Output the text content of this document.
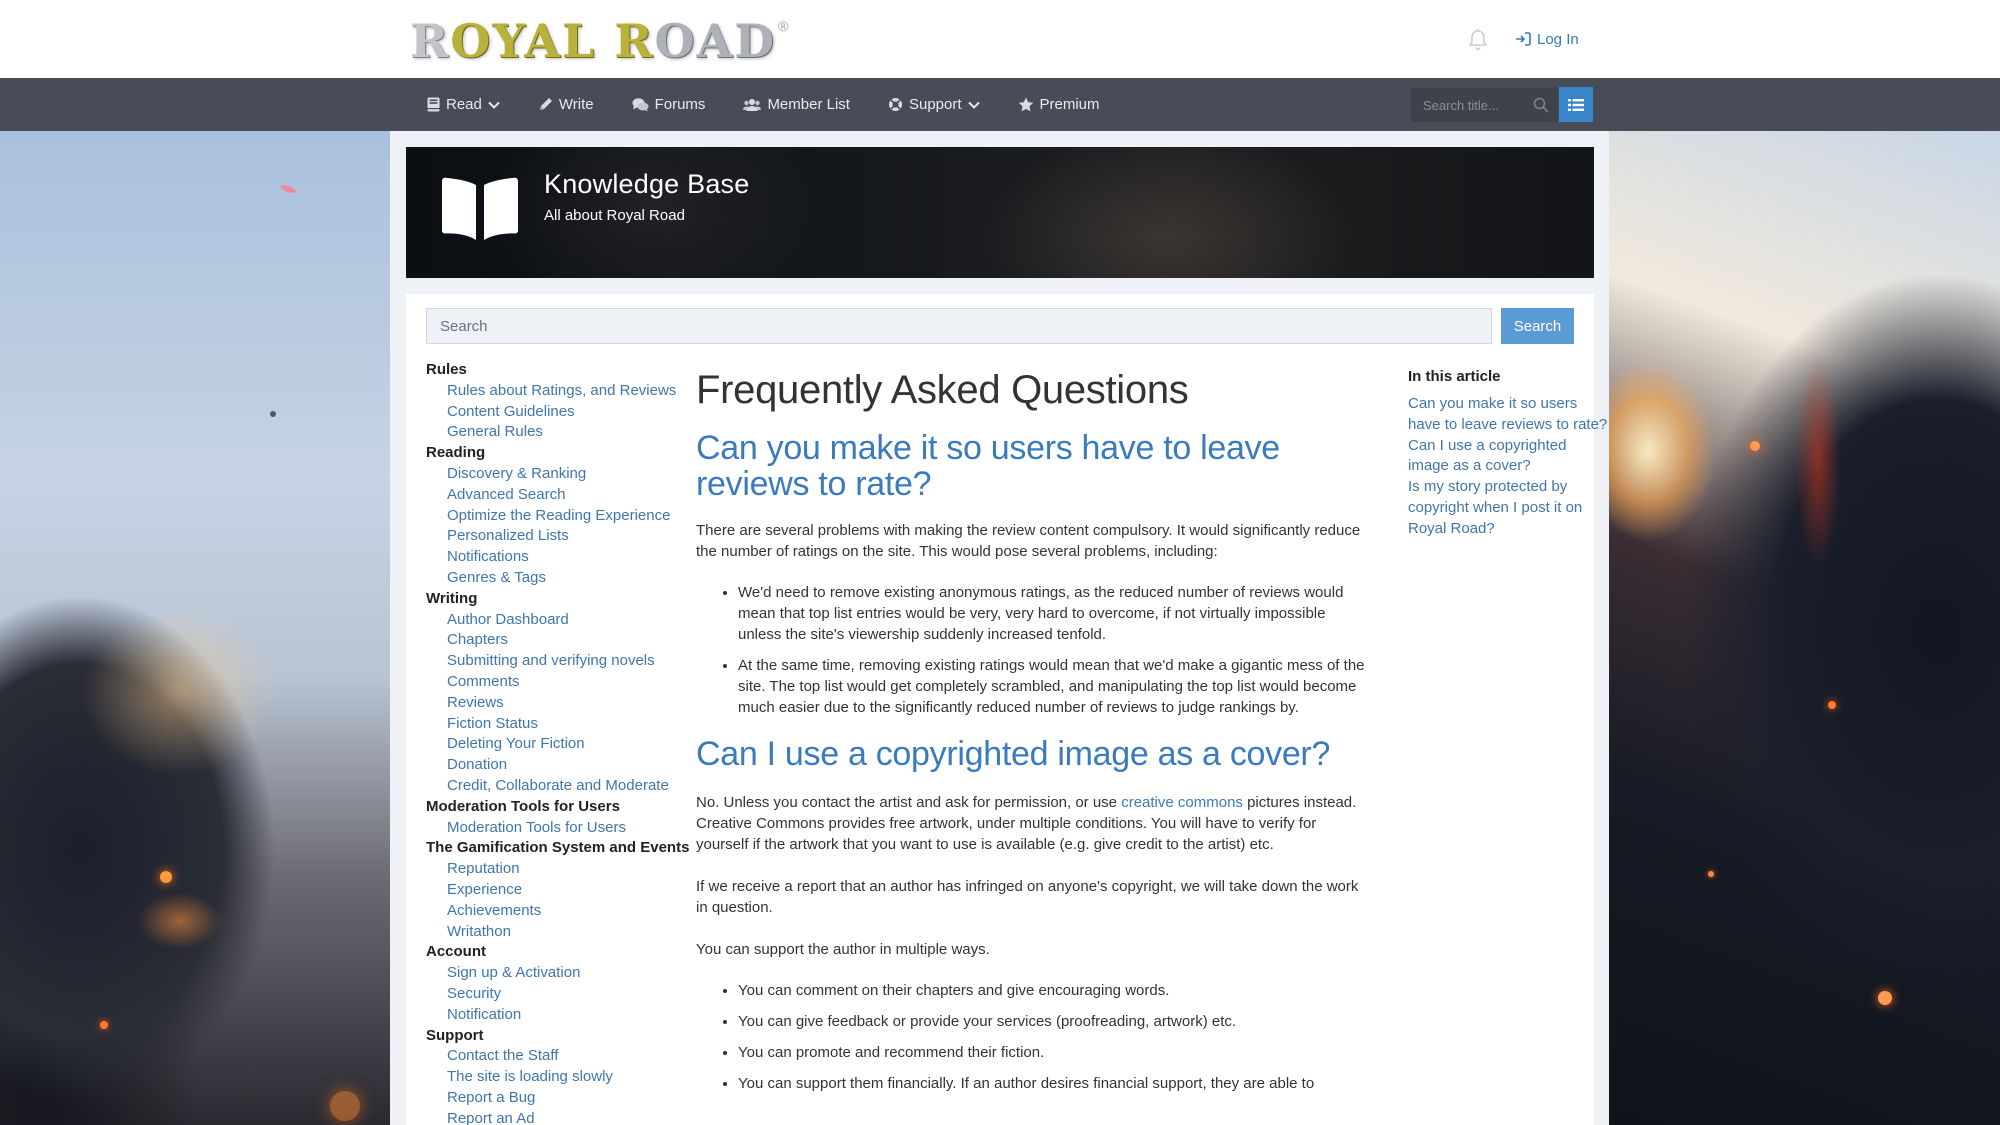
ROYAL ROAD ®
Log In
Read	Write	Forums	Member List	Support	Premium
Search title...
Knowledge Base
All about Royal Road
Search
Search
Rules
Rules about Ratings, and Reviews
Content Guidelines
General Rules
Reading
Discovery & Ranking
Advanced Search
Optimize the Reading Experience
Personalized Lists
Notifications
Genres & Tags
Writing
Author Dashboard
Chapters
Submitting and verifying novels
Comments
Reviews
Fiction Status
Deleting Your Fiction
Donation
Credit, Collaborate and Moderate
Moderation Tools for Users
Moderation Tools for Users
The Gamification System and Events
Reputation
Experience
Achievements
Writathon
Account
Sign up & Activation
Security
Notification
Support
Contact the Staff
The site is loading slowly
Report a Bug
Report an Ad
Frequently Asked Questions
Can you make it so users have to leave reviews to rate?

There are several problems with making the review content compulsory. It would significantly reduce the number of ratings on the site. This would pose several problems, including:

• We'd need to remove existing anonymous ratings, as the reduced number of reviews would mean that top list entries would be very, very hard to overcome, if not virtually impossible unless the site's viewership suddenly increased tenfold.
• At the same time, removing existing ratings would mean that we'd make a gigantic mess of the site. The top list would get completely scrambled, and manipulating the top list would become much easier due to the significantly reduced number of reviews to judge rankings by.
Can I use a copyrighted image as a cover?

No. Unless you contact the artist and ask for permission, or use creative commons pictures instead. Creative Commons provides free artwork, under multiple conditions. You will have to verify for yourself if the artwork that you want to use is available (e.g. give credit to the artist) etc.

If we receive a report that an author has infringed on anyone's copyright, we will take down the work in question.

You can support the author in multiple ways.

• You can comment on their chapters and give encouraging words.
• You can give feedback or provide your services (proofreading, artwork) etc.
• You can promote and recommend their fiction.
• You can support them financially. If an author desires financial support, they are able to
In this article
Can you make it so users have to leave reviews to rate?
Can I use a copyrighted image as a cover?
Is my story protected by copyright when I post it on Royal Road?
